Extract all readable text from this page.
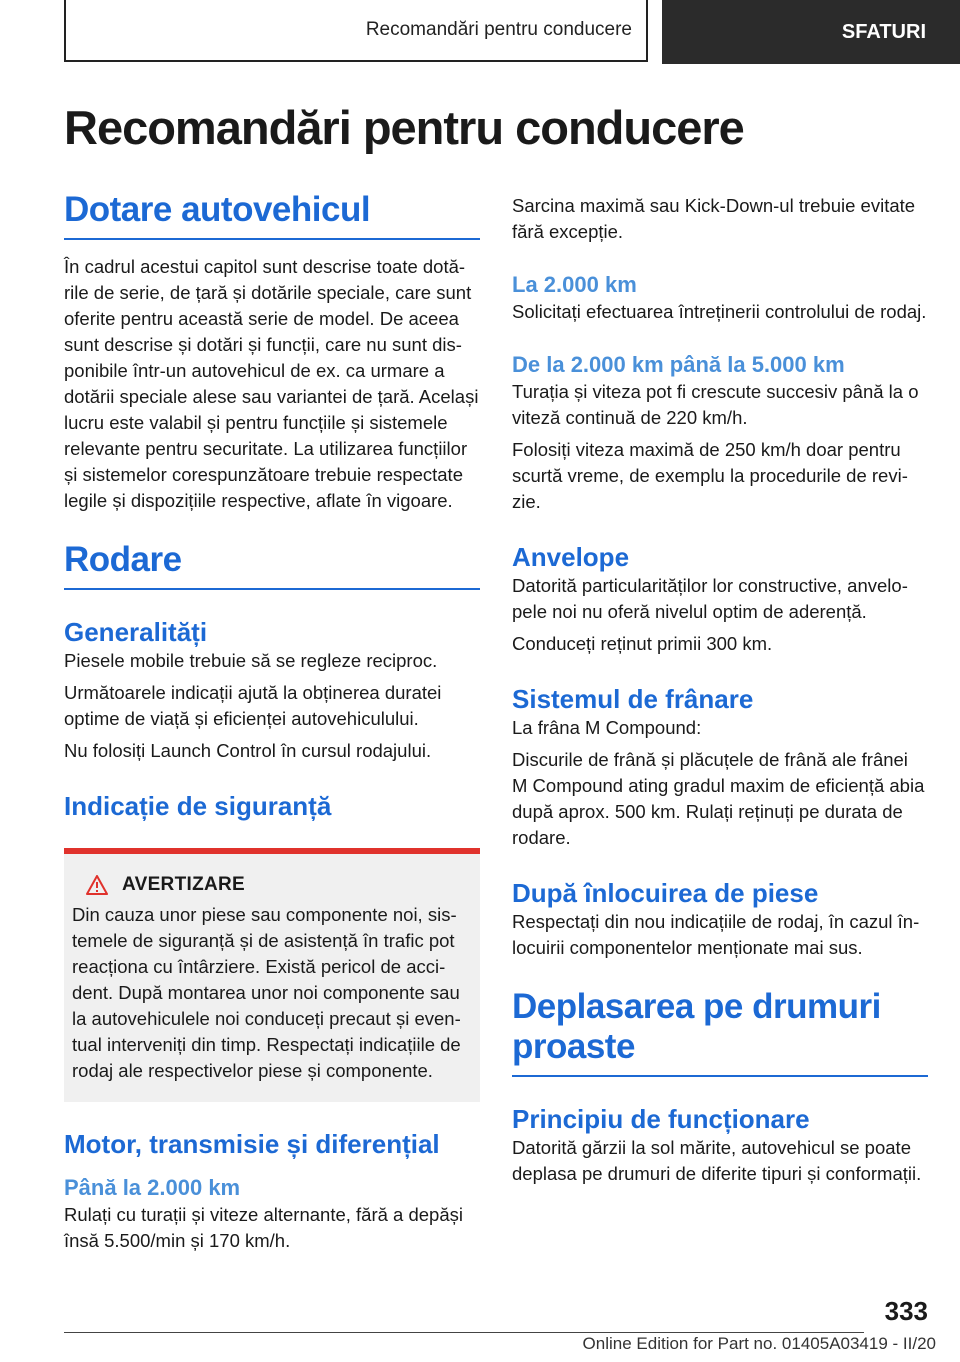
Recomandări pentru conducere	SFATURI
Recomandări pentru conducere
Dotare autovehicul

În cadrul acestui capitol sunt descrise toate dotările de serie, de țară și dotările speciale, care sunt oferite pentru această serie de model. De aceea sunt descrise și dotări și funcții, care nu sunt disponibile într-un autovehicul de ex. ca urmare a dotării speciale alese sau variantei de țară. Același lucru este valabil și pentru funcțiile și sistemele relevante pentru securitate. La utilizarea funcțiilor și sistemelor corespunzătoare trebuie respectate legile și dispozițiile respective, aflate în vigoare.

Rodare
Generalități

Piesele mobile trebuie să se regleze reciproc.

Următoarele indicații ajută la obținerea duratei optime de viață și eficienței autovehiculului.

Nu folosiți Launch Control în cursul rodajului.

Indicație de siguranță
AVERTIZARE

Din cauza unor piese sau componente noi, sistemele de siguranță și de asistență în trafic pot reacționa cu întârziere. Există pericol de accident. După montarea unor noi componente sau la autovehiculele noi conduceți precaut și eventual interveniți din timp. Respectați indicațiile de rodaj ale respectivelor piese și componente.

Motor, transmisie și diferențial
Până la 2.000 km

Rulați cu turații și viteze alternante, fără a depăși însă 5.500/min și 170 km/h.

Sarcina maximă sau Kick-Down-ul trebuie evitate fără excepție.

La 2.000 km

Solicitați efectuarea întreținerii controlului de rodaj.

De la 2.000 km până la 5.000 km

Turația și viteza pot fi crescute succesiv până la o viteză continuă de 220 km/h.

Folosiți viteza maximă de 250 km/h doar pentru scurtă vreme, de exemplu la procedurile de revizie.

Anvelope

Datorită particularităților lor constructive, anvelopele noi nu oferă nivelul optim de aderență.

Conduceți reținut primii 300 km.

Sistemul de frânare

La frâna M Compound:

Discurile de frână și plăcuțele de frână ale frânei M Compound ating gradul maxim de eficiență abia după aprox. 500 km. Rulați reținuți pe durata de rodare.

După înlocuirea de piese

Respectați din nou indicațiile de rodaj, în cazul înlocuirii componentelor menționate mai sus.

Deplasarea pe drumuri proaste
Principiu de funcționare

Datorită gărzii la sol mărite, autovehicul se poate deplasa pe drumuri de diferite tipuri și conformații.

333
Online Edition for Part no. 01405A03419 - II/20
